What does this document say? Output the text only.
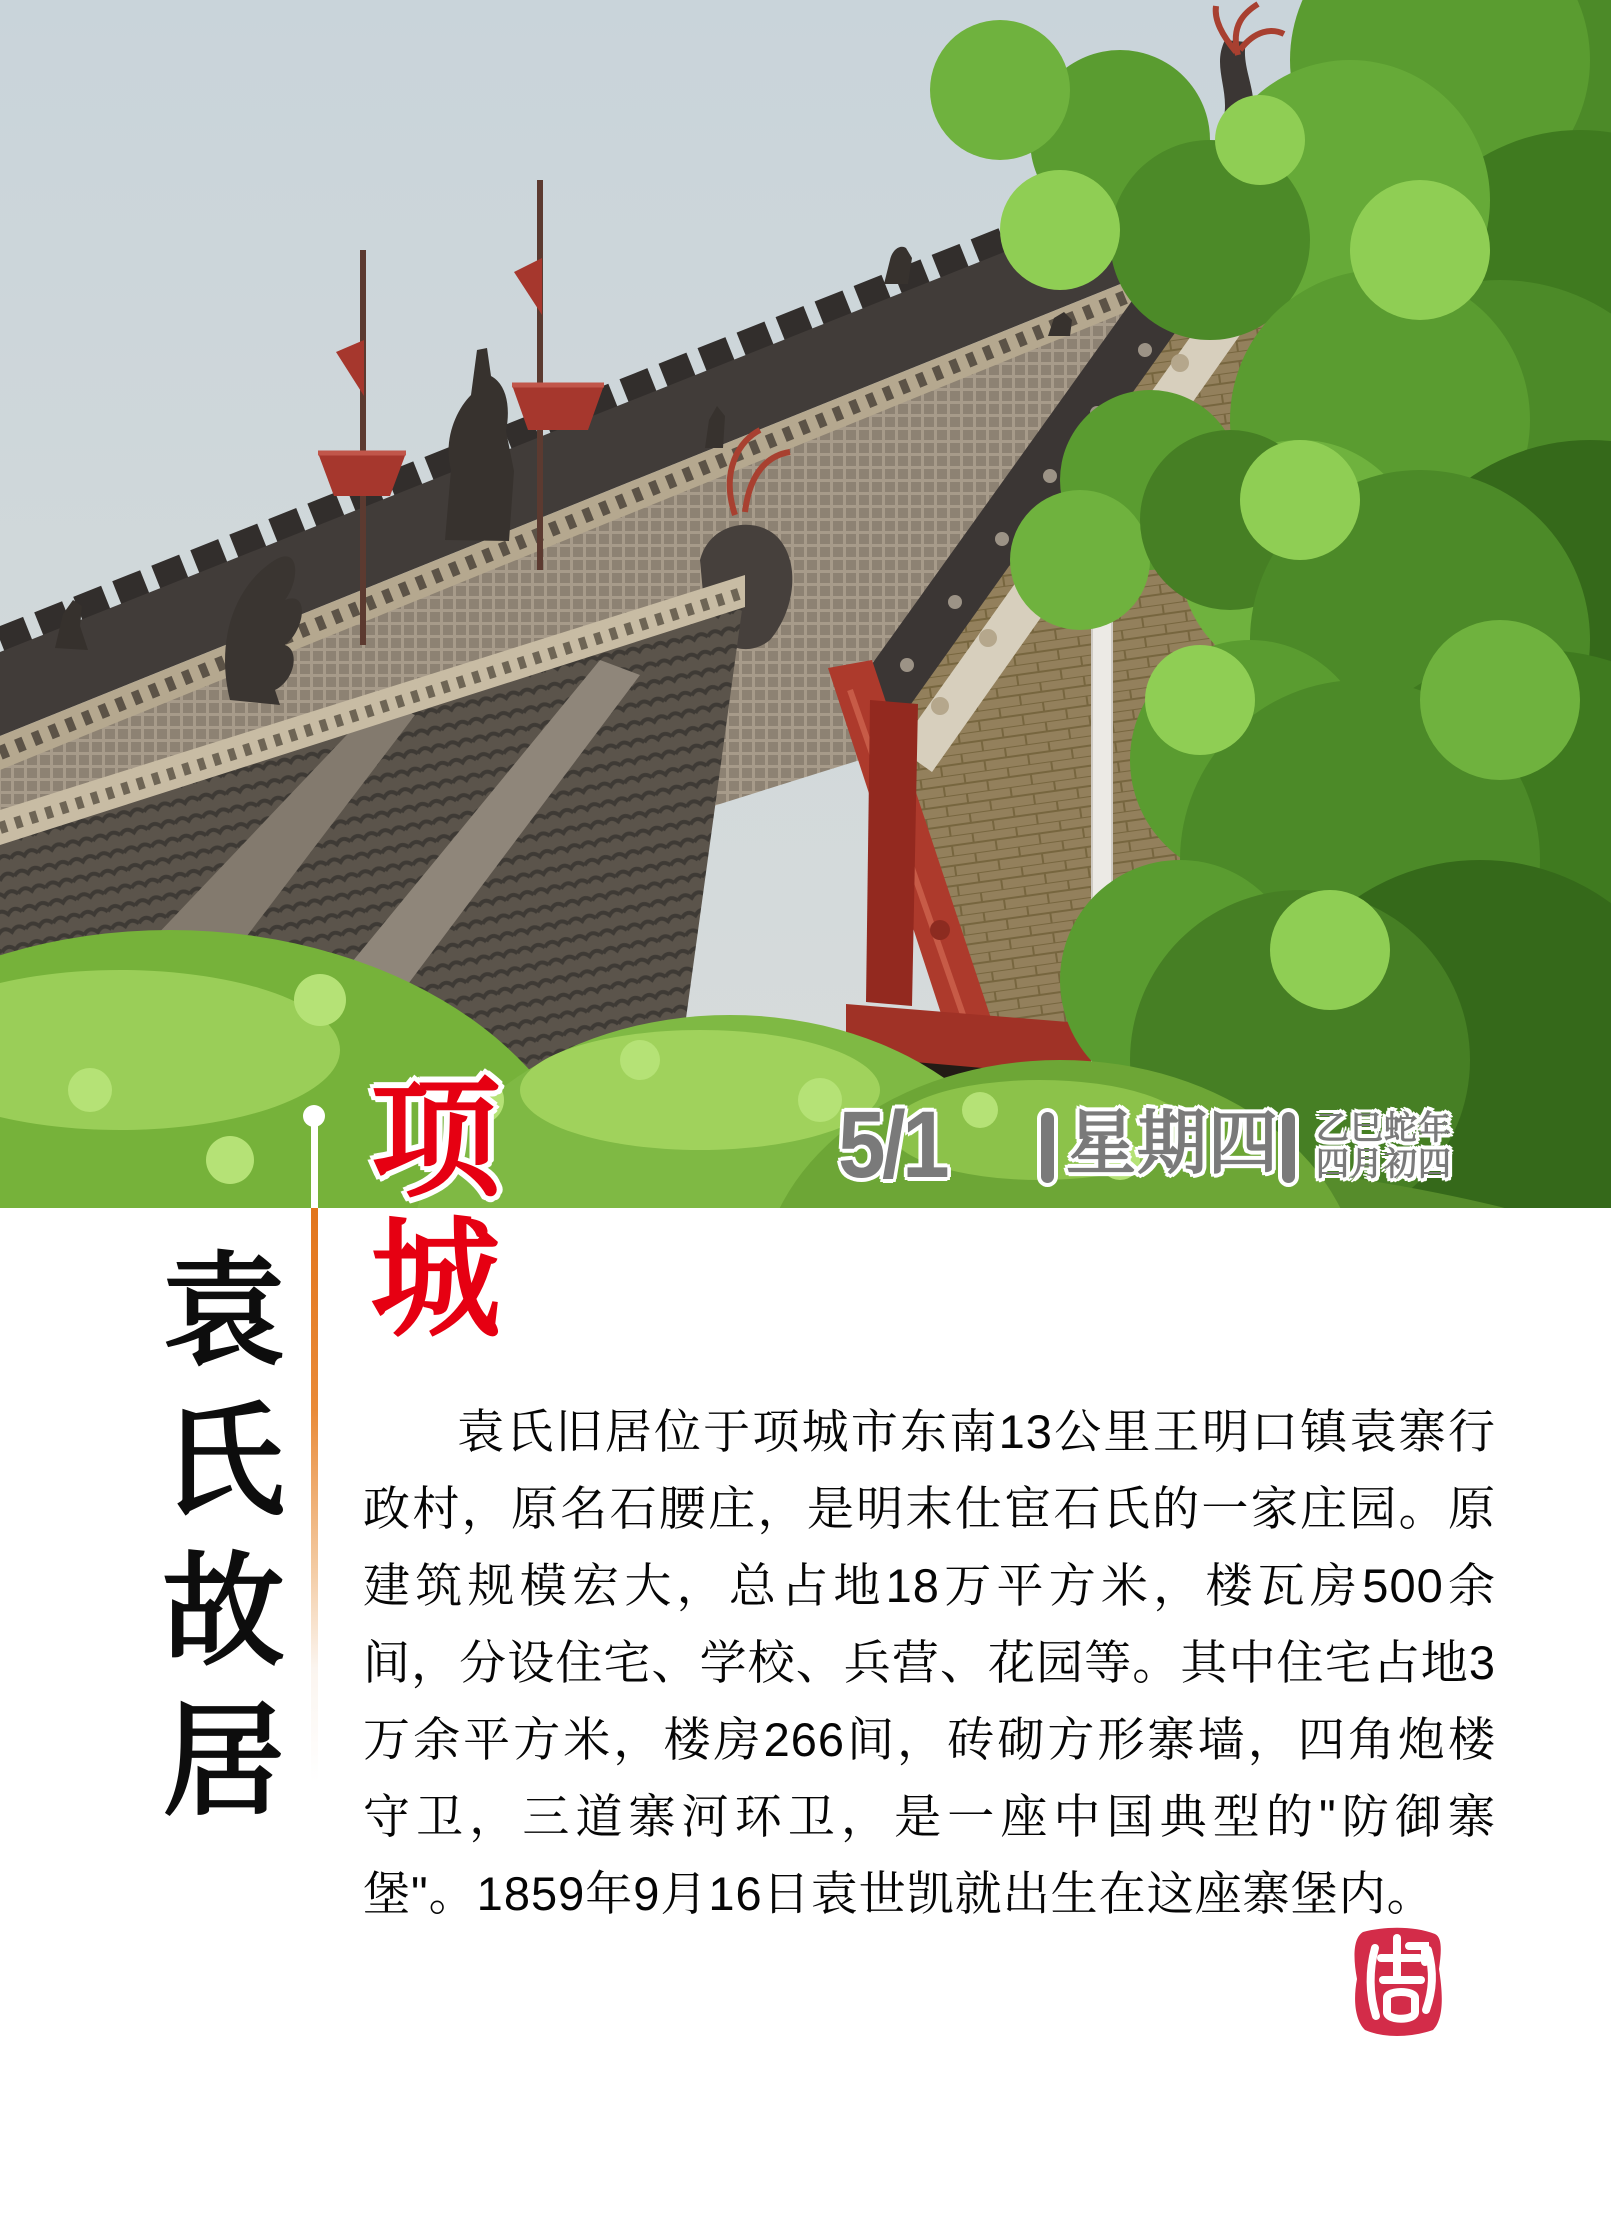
5/1 星期四 乙巳蛇年
四月初四
项城
袁氏故居	袁氏旧居位于项城市东南13公里王明口镇袁寨行政村，原名石腰庄，是明末仕宦石氏的一家庄园。原建筑规模宏大，总占地18万平方米，楼瓦房500余间，分设住宅、学校、兵营、花园等。其中住宅占地3万余平方米，楼房266间，砖砌方形寨墙，四角炮楼守卫，三道寨河环卫，是一座中国典型的"防御寨堡"。1859年9月16日袁世凯就出生在这座寨堡内。
